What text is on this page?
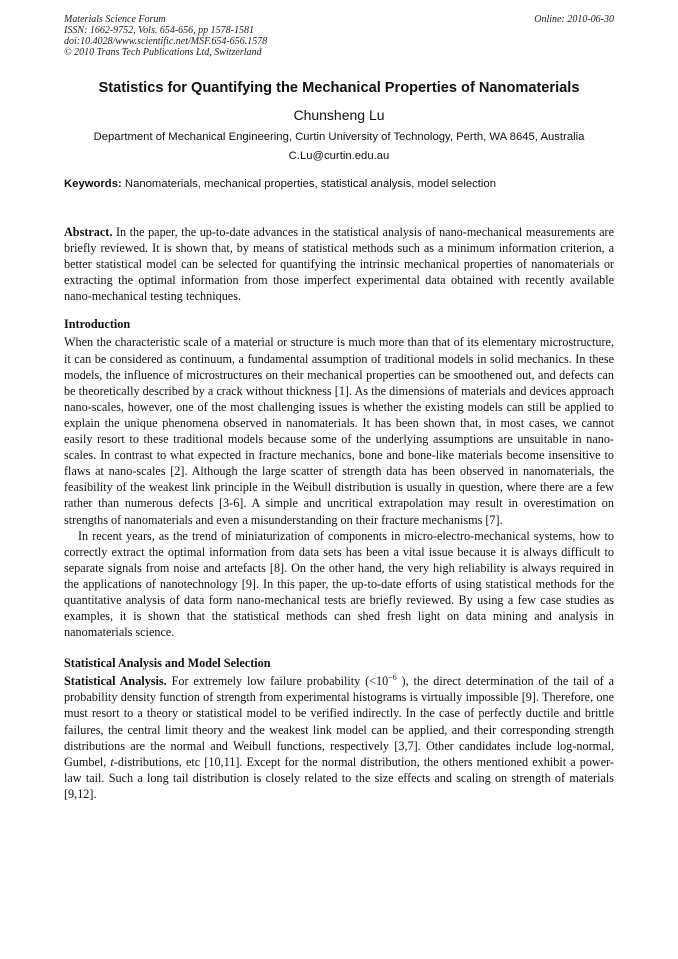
Materials Science Forum
ISSN: 1662-9752, Vols. 654-656, pp 1578-1581
doi:10.4028/www.scientific.net/MSF.654-656.1578
© 2010 Trans Tech Publications Ltd, Switzerland
Online: 2010-06-30
Statistics for Quantifying the Mechanical Properties of Nanomaterials
Chunsheng Lu
Department of Mechanical Engineering, Curtin University of Technology, Perth, WA 8645, Australia
C.Lu@curtin.edu.au
Keywords: Nanomaterials, mechanical properties, statistical analysis, model selection
Abstract. In the paper, the up-to-date advances in the statistical analysis of nano-mechanical measurements are briefly reviewed. It is shown that, by means of statistical methods such as a minimum information criterion, a better statistical model can be selected for quantifying the intrinsic mechanical properties of nanomaterials or extracting the optimal information from those imperfect experimental data obtained with recently available nano-mechanical testing techniques.
Introduction

When the characteristic scale of a material or structure is much more than that of its elementary microstructure, it can be considered as continuum, a fundamental assumption of traditional models in solid mechanics. In these models, the influence of microstructures on their mechanical properties can be smoothened out, and defects can be theoretically described by a crack without thickness [1]. As the dimensions of materials and devices approach nano-scales, however, one of the most challenging issues is whether the existing models can still be applied to explain the unique phenomena observed in nanomaterials. It has been shown that, in most cases, we cannot easily resort to these traditional models because some of the underlying assumptions are unsuitable in nano-scales. In contrast to what expected in fracture mechanics, bone and bone-like materials become insensitive to flaws at nano-scales [2]. Although the large scatter of strength data has been observed in nanomaterials, the feasibility of the weakest link principle in the Weibull distribution is usually in question, where there are a few rather than numerous defects [3-6]. A simple and uncritical extrapolation may result in overestimation on strengths of nanomaterials and even a misunderstanding on their fracture mechanisms [7].

In recent years, as the trend of miniaturization of components in micro-electro-mechanical systems, how to correctly extract the optimal information from data sets has been a vital issue because it is always difficult to separate signals from noise and artefacts [8]. On the other hand, the very high reliability is always required in the applications of nanotechnology [9]. In this paper, the up-to-date efforts of using statistical methods for the quantitative analysis of data form nano-mechanical tests are briefly reviewed. By using a few case studies as examples, it is shown that the statistical methods can shed fresh light on data mining and analysis in nanomaterials science.

Statistical Analysis and Model Selection

Statistical Analysis. For extremely low failure probability ($<10^{-6}$ ), the direct determination of the tail of a probability density function of strength from experimental histograms is virtually impossible [9]. Therefore, one must resort to a theory or statistical model to be verified indirectly. In the case of perfectly ductile and brittle failures, the central limit theory and the weakest link model can be applied, and their corresponding strength distributions are the normal and Weibull functions, respectively [3,7]. Other candidates include log-normal, Gumbel, t-distributions, etc [10,11]. Except for the normal distribution, the others mentioned exhibit a power-law tail. Such a long tail distribution is closely related to the size effects and scaling on strength of materials [9,12].
